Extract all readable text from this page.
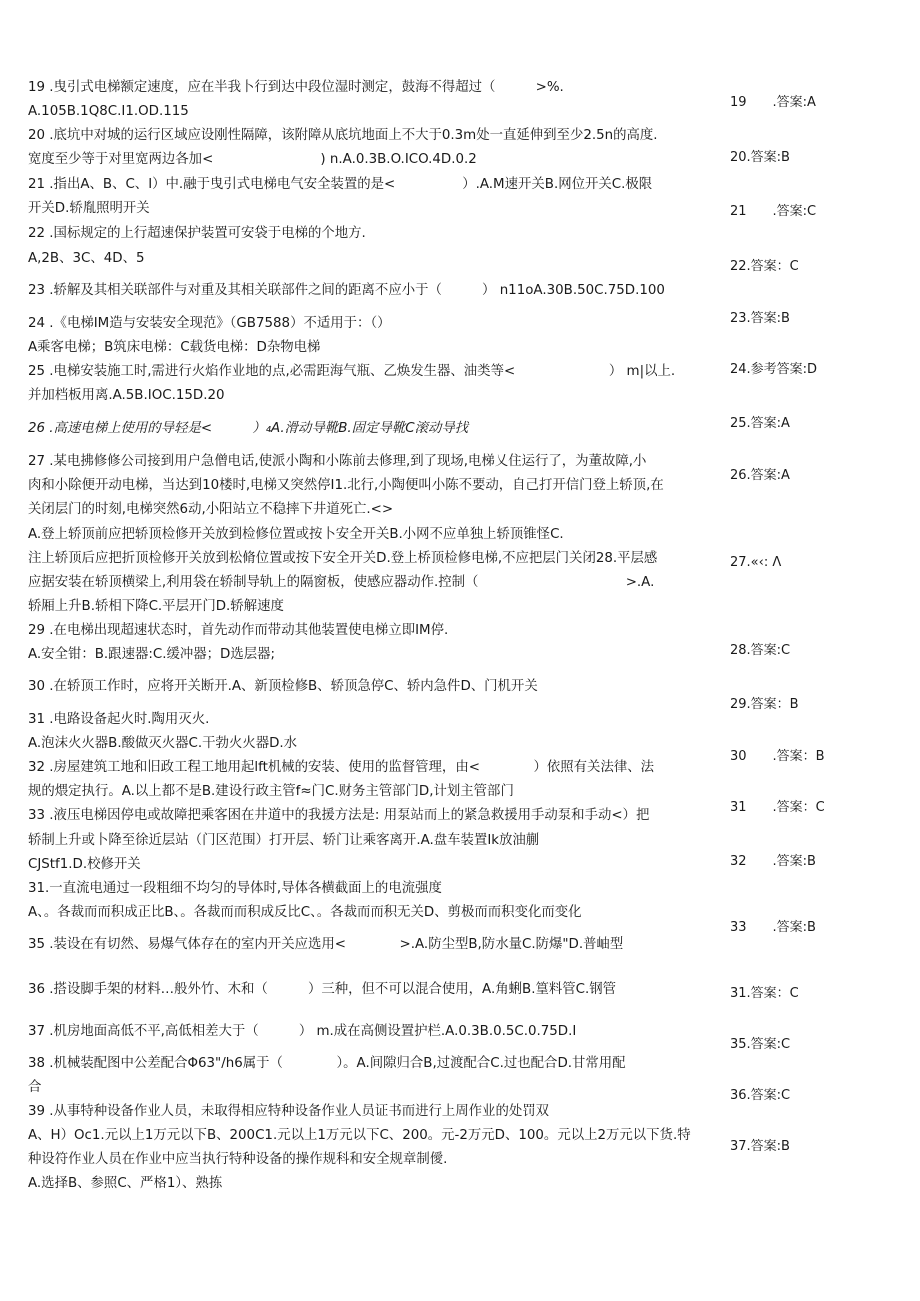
19 .曳引式电梯额定速度，应在半我卜行到达中段位湿时测定，鼓海不得超过（　　　>%.
A.105B.1Q8C.I1.OD.115
20 .底坑中对城的运行区域应设刚性隔障，该附障从底坑地面上不大于0.3m处一直延伸到至少2.5n的高度.
宽度至少等于对里宽两边各加<　　　　　　　　) n.A.0.3B.O.ICO.4D.0.2
21 .指出A、B、C、I）中.融于曳引式电梯电气安全装置的是<　　　　　）.A.M速开关B.网位开关C.极限
开关D.轿胤照明开关
22 .国标规定的上行超速保护装置可安袋于电梯的个地方.
A,2B、3C、4D、5
23 .轿解及其相关联部件与对重及其相关联部件之间的距离不应小于（　　　） n11oA.30B.50C.75D.100
24 .《电梯IM造与安装安全现范》（GB7588）不适用于：（）
A乘客电梯；B筑床电梯：C载货电梯：D杂物电梯
25 .电梯安装施工时,需进行火焰作业地的点,必需距海气瓶、乙焕发生器、油类等<　　　　　　　） m|以上.
并加档板用离.A.5B.IOC.15D.20
26 .高速电梯上使用的导轻是<　　　）₄A.滑动导靴B.固定导靴C滚动导找
27 .某电拂修修公司接到用户急僧电话,使派小陶和小陈前去修理,到了现场,电梯乂住运行了，为董故障,小
肉和小除便开动电梯，当达到10楼时,电梯又突然停I1.北行,小陶便叫小陈不要动，自己打开信门登上轿顶,在
关闭层门的时刻,电梯突然6动,小阳站立不稳摔下井道死亡.<>
A.登上轿顶前应把轿顶检修开关放到检修位置或按卜安全开关B.小网不应单独上轿顶锥怪C.
注上轿顶后应把折顶检修开关放到松脩位置或按下安全开关D.登上桥顶检修电梯,不应把层门关闭28.平层感
应据安装在轿顶横梁上,利用袋在轿制导轨上的隔窗板，使感应器动作.控制（　　　　　　　　　　　>.A.
轿厢上升B.轿相下降C.平层开门D.轿解速度
29 .在电梯出现超速状态时，首先动作而带动其他装置使电梯立即IM停.
A.安全钳：B.跟速器:C.缓冲器；D选层器;
30 .在轿顶工作时，应将开关断开.A、新顶检修B、轿顶急停C、轿内急件D、门机开关
31 .电路设备起火时.陶用灭火.
A.泡沫火火器B.酸做灭火器C.干勃火火器D.水
32 .房屋建筑工地和旧政工程工地用起lft机械的安装、使用的监督管理，由<　　　　）依照有关法律、法
规的煨定执行。A.以上都不是B.建设行政主管f≈门C.财务主管部门D,计划主管部门
33 .液压电梯因停电或故障把乘客困在井道中的我援方法是: 用泵站而上的紧急救援用手动泵和手动<）把
轿制上升或卜降至徐近层站（门区范围）打开层、轿门让乘客离开.A.盘车装置Ik放油蒯
CJStf1.D.校修开关
31.一直流电通过一段粗细不均匀的导体时,导体各横截面上的电流强度
A、。各裁而而积成正比B、。各裁而而积成反比C、。各裁而而积无关D、剪极而而积变化而变化
35 .装设在有切然、易爆气体存在的室内开关应选用<　　　　>.A.防尘型B,防水量C.防爆"D.普岫型
36 .搭设脚手架的材料…般外竹、木和（　　　）三种，但不可以混合使用，A.角蜊B.篁料管C.钢管
37 .机房地面高低不平,高低相差大于（　　　） m.成在高侧设置护栏.A.0.3B.0.5C.0.75D.I
38 .机械装配图中公差配合Φ63"/h6属于（　　　　）。A.间隙归合B,过渡配合C.过也配合D.甘常用配
合
39 .从事特种设备作业人员，未取得相应特种设备作业人员证书而进行上周作业的处罚双
A、H）Oc1.元以上1万元以下B、200C1.元以上1万元以下C、200。元-2万元D、100。元以上2万元以下货.特
种设符作业人员在作业中应当执行特种设备的操作规科和安全规章制僾.
A.选择B、参照C、严格1）、熟拣
19　　.答案:A
20.答案:B
21　　.答案:C
22.答案：C
23.答案:B
24.参考答案:D
25.答案:A
26.答案:A
27.«‹: Λ
28.答案:C
29.答案：B
30　　.答案：B
31　　.答案：C
32　　.答案:B
33　　.答案:B
31.答案：C
35.答案:C
36.答案:C
37.答案:B
